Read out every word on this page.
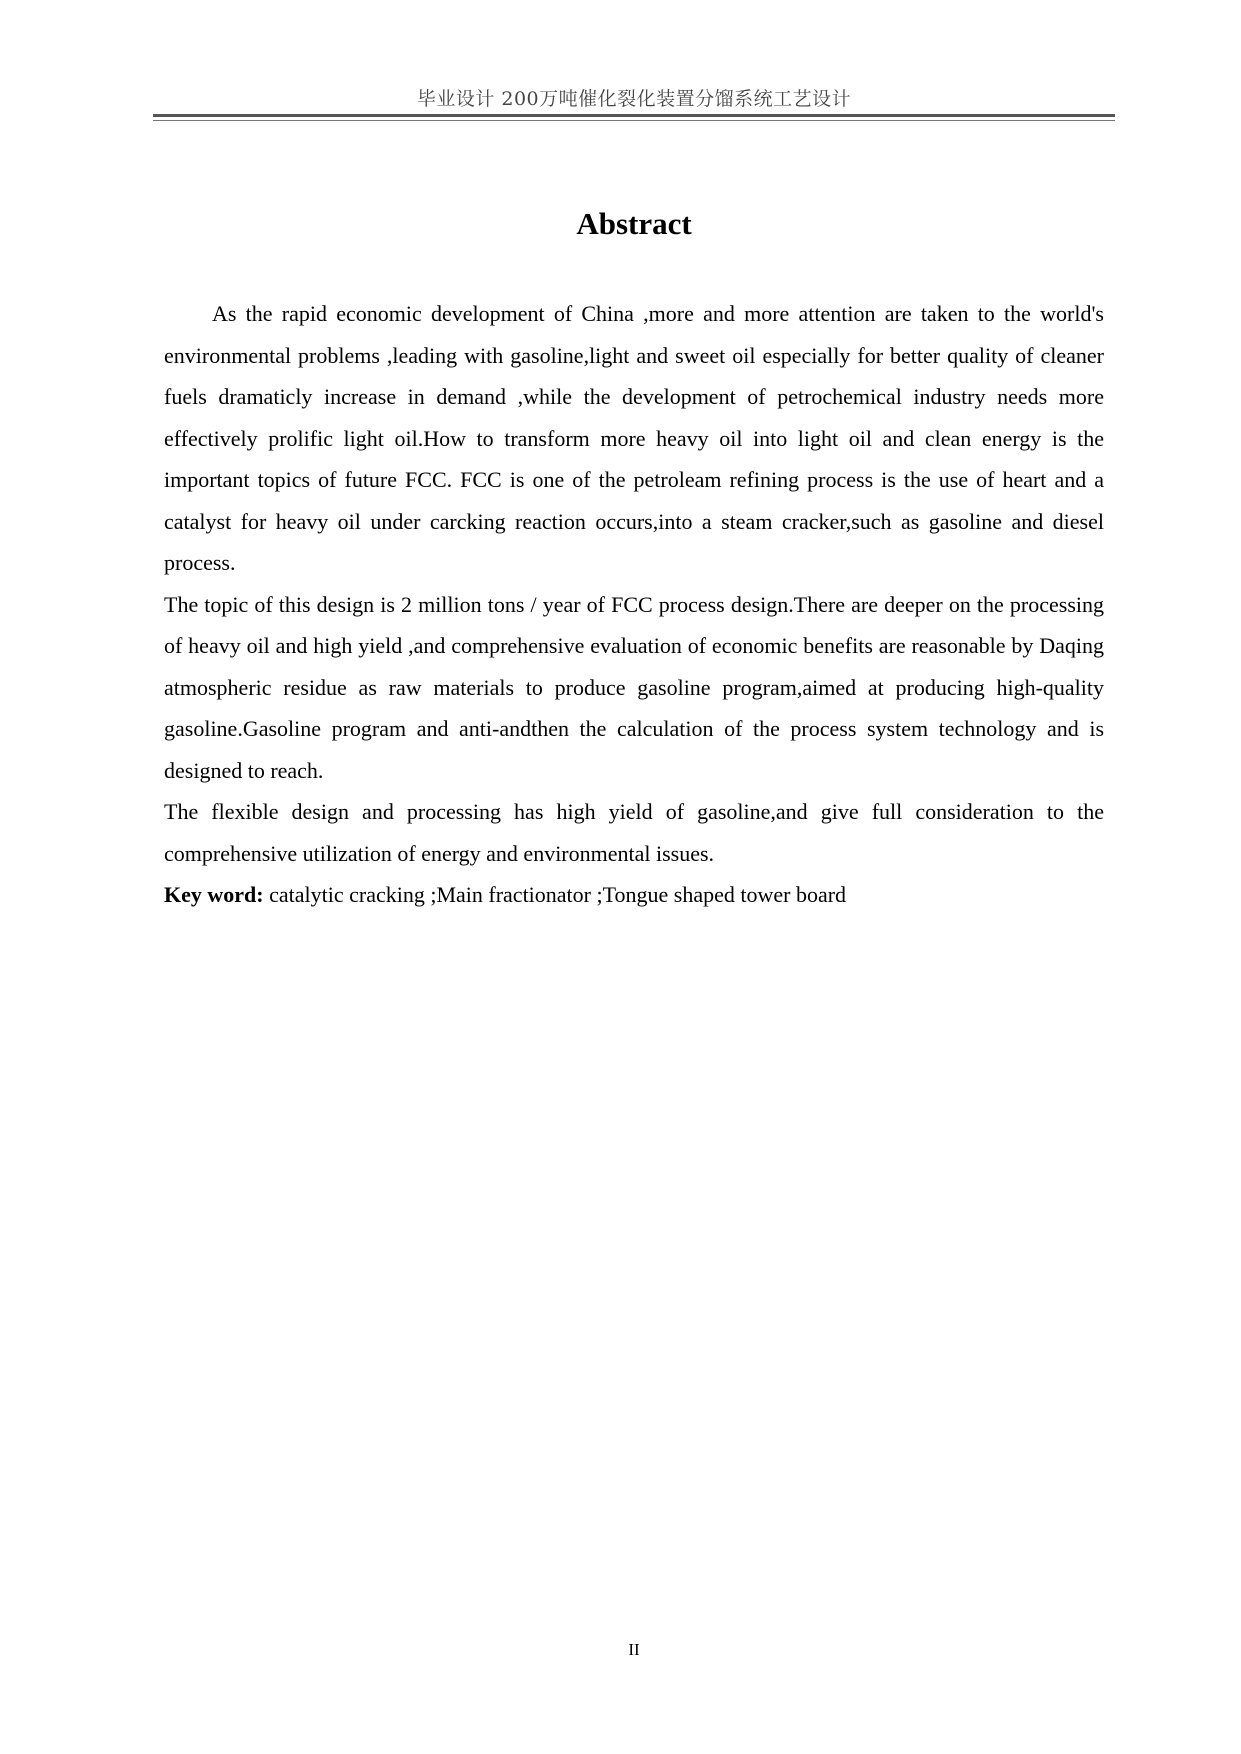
毕业设计 200万吨催化裂化装置分馏系统工艺设计
Abstract

As the rapid economic development of China ,more and more attention are taken to the world's environmental problems ,leading with gasoline,light and sweet oil especially for better quality of cleaner fuels dramaticly increase in demand ,while the development of petrochemical industry needs more effectively prolific light oil.How to transform more heavy oil into light oil and clean energy is the important topics of future FCC. FCC is one of the petroleam refining process is the use of heart and a catalyst for heavy oil under carcking reaction occurs,into a steam cracker,such as gasoline and diesel process.

The topic of this design is 2 million tons / year of FCC process design.There are deeper on the processing of heavy oil and high yield ,and comprehensive evaluation of economic benefits are reasonable by Daqing atmospheric residue as raw materials to produce gasoline program,aimed at producing high-quality gasoline.Gasoline program and anti-andthen the calculation of the process system technology and is designed to reach.

The flexible design and processing has high yield of gasoline,and give full consideration to the comprehensive utilization of energy and environmental issues.

Key word: catalytic cracking ;Main fractionator ;Tongue shaped tower board

II
